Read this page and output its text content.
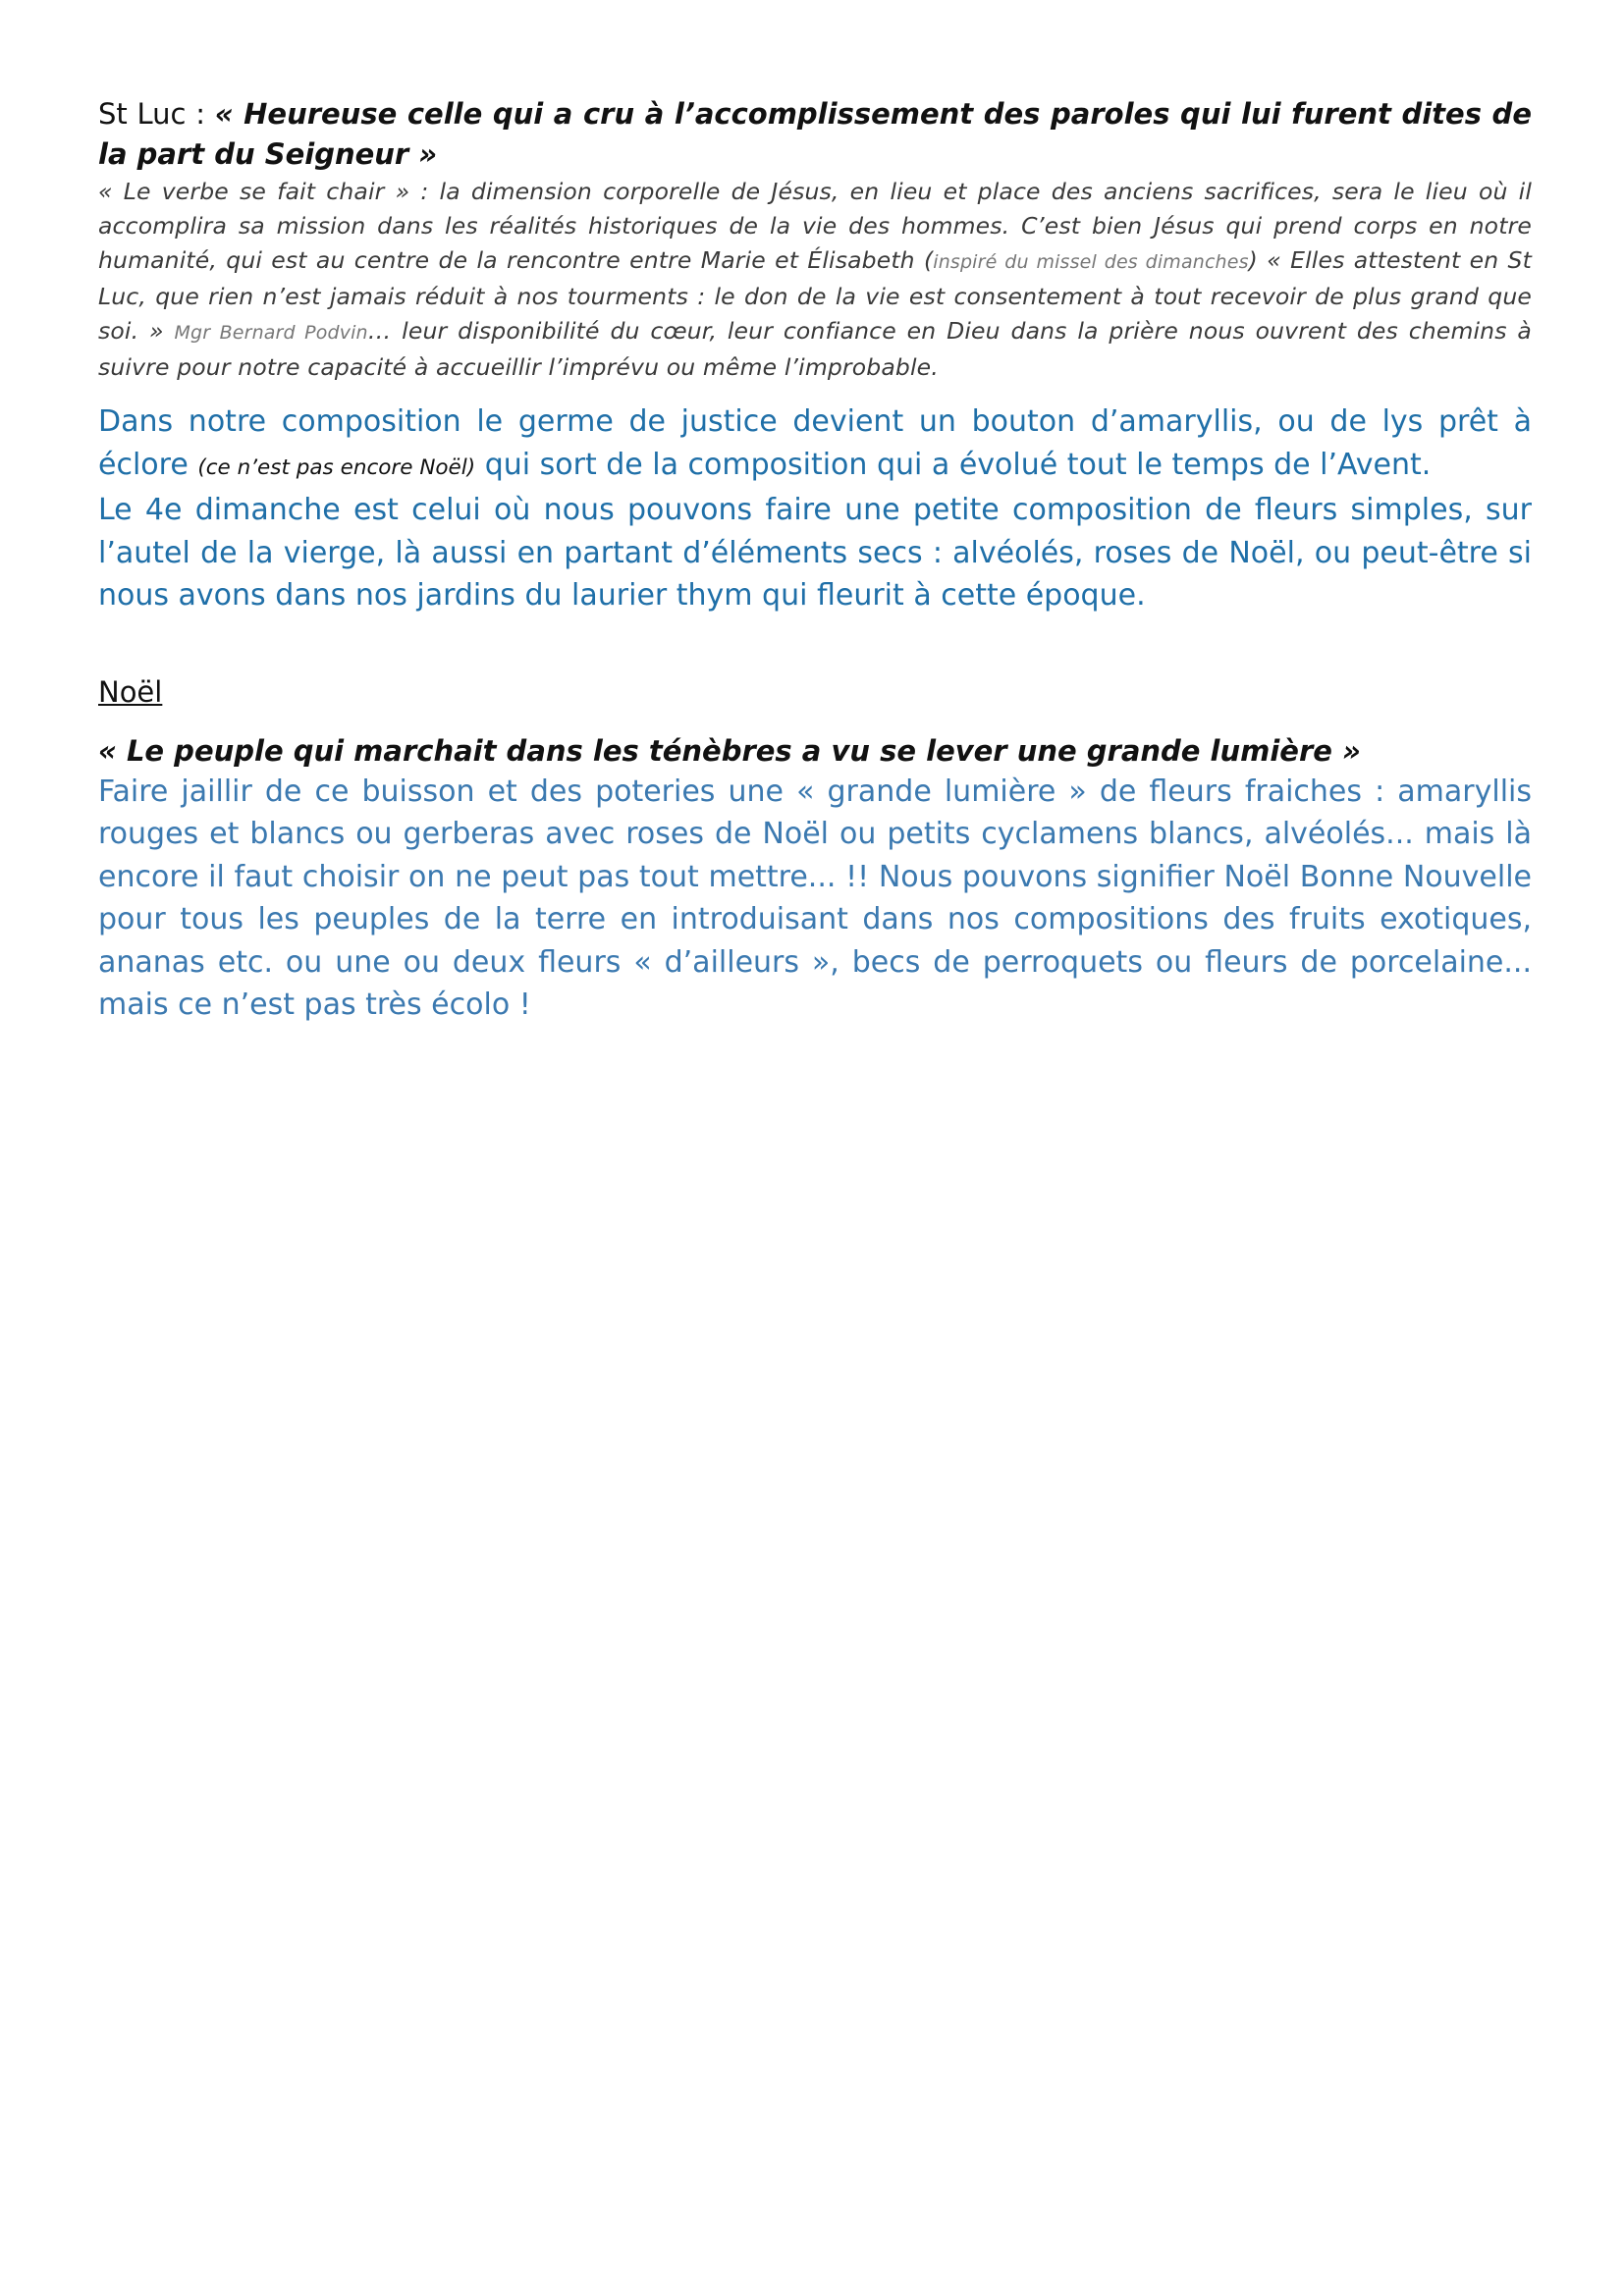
St Luc : « Heureuse celle qui a cru à l’accomplissement des paroles qui lui furent dites de la part du Seigneur »

« Le verbe se fait chair » : la dimension corporelle de Jésus, en lieu et place des anciens sacrifices, sera le lieu où il accomplira sa mission dans les réalités historiques de la vie des hommes. C’est bien Jésus qui prend corps en notre humanité, qui est au centre de la rencontre entre Marie et Élisabeth (inspiré du missel des dimanches) « Elles attestent en St Luc, que rien n’est jamais réduit à nos tourments : le don de la vie est consentement à tout recevoir de plus grand que soi. » Mgr Bernard Podvin… leur disponibilité du cœur, leur confiance en Dieu dans la prière nous ouvrent des chemins à suivre pour notre capacité à accueillir l’imprévu ou même l’improbable.

Dans notre composition le germe de justice devient un bouton d’amaryllis, ou de lys prêt à éclore (ce n’est pas encore Noël) qui sort de la composition qui a évolué tout le temps de l’Avent.

Le 4e dimanche est celui où nous pouvons faire une petite composition de fleurs simples, sur l’autel de la vierge, là aussi en partant d’éléments secs : alvéolés, roses de Noël, ou peut-être si nous avons dans nos jardins du laurier thym qui fleurit à cette époque.

Noël

« Le peuple qui marchait dans les ténèbres a vu se lever une grande lumière »

Faire jaillir de ce buisson et des poteries une « grande lumière » de fleurs fraiches : amaryllis rouges et blancs ou gerberas avec roses de Noël ou petits cyclamens blancs, alvéolés... mais là encore il faut choisir on ne peut pas tout mettre... !! Nous pouvons signifier Noël Bonne Nouvelle pour tous les peuples de la terre en introduisant dans nos compositions des fruits exotiques, ananas etc. ou une ou deux fleurs « d’ailleurs », becs de perroquets ou fleurs de porcelaine... mais ce n’est pas très écolo !
